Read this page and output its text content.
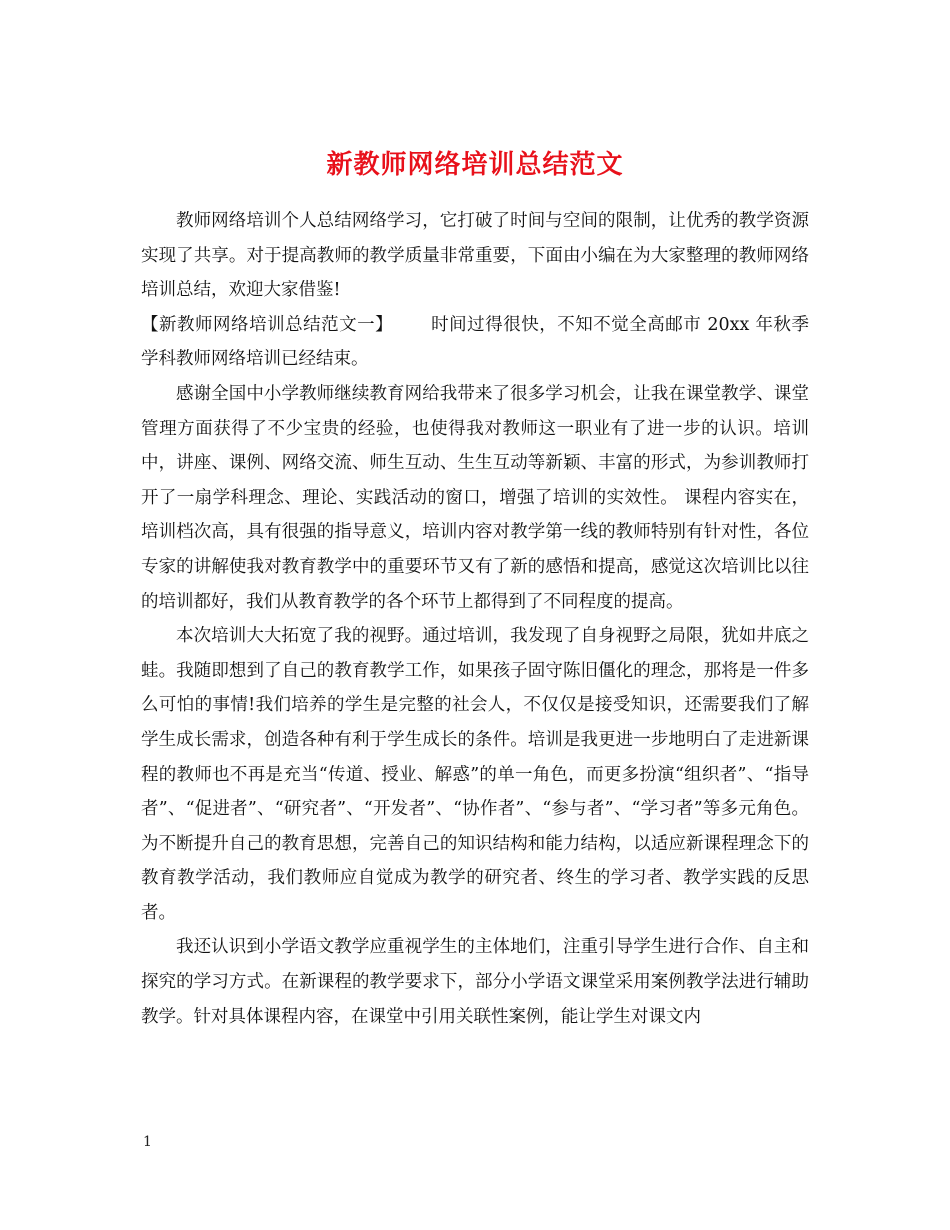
新教师网络培训总结范文

教师网络培训个人总结网络学习，它打破了时间与空间的限制，让优秀的教学资源实现了共享。对于提高教师的教学质量非常重要，下面由小编在为大家整理的教师网络培训总结，欢迎大家借鉴!

【新教师网络培训总结范文一】 时间过得很快，不知不觉全高邮市 20xx 年秋季学科教师网络培训已经结束。

感谢全国中小学教师继续教育网给我带来了很多学习机会，让我在课堂教学、课堂管理方面获得了不少宝贵的经验，也使得我对教师这一职业有了进一步的认识。培训中，讲座、课例、网络交流、师生互动、生生互动等新颖、丰富的形式，为参训教师打开了一扇学科理念、理论、实践活动的窗口，增强了培训的实效性。 课程内容实在，培训档次高，具有很强的指导意义，培训内容对教学第一线的教师特别有针对性，各位专家的讲解使我对教育教学中的重要环节又有了新的感悟和提高，感觉这次培训比以往的培训都好，我们从教育教学的各个环节上都得到了不同程度的提高。

本次培训大大拓宽了我的视野。通过培训，我发现了自身视野之局限，犹如井底之蛙。我随即想到了自己的教育教学工作，如果孩子固守陈旧僵化的理念，那将是一件多么可怕的事情!我们培养的学生是完整的社会人，不仅仅是接受知识，还需要我们了解学生成长需求，创造各种有利于学生成长的条件。培训是我更进一步地明白了走进新课程的教师也不再是充当“传道、授业、解惑”的单一角色，而更多扮演“组织者”、“指导者”、“促进者”、“研究者”、“开发者”、“协作者”、“参与者”、“学习者”等多元角色。为不断提升自己的教育思想，完善自己的知识结构和能力结构，以适应新课程理念下的教育教学活动，我们教师应自觉成为教学的研究者、终生的学习者、教学实践的反思者。

我还认识到小学语文教学应重视学生的主体地们，注重引导学生进行合作、自主和探究的学习方式。在新课程的教学要求下，部分小学语文课堂采用案例教学法进行辅助教学。针对具体课程内容，在课堂中引用关联性案例，能让学生对课文内

1
